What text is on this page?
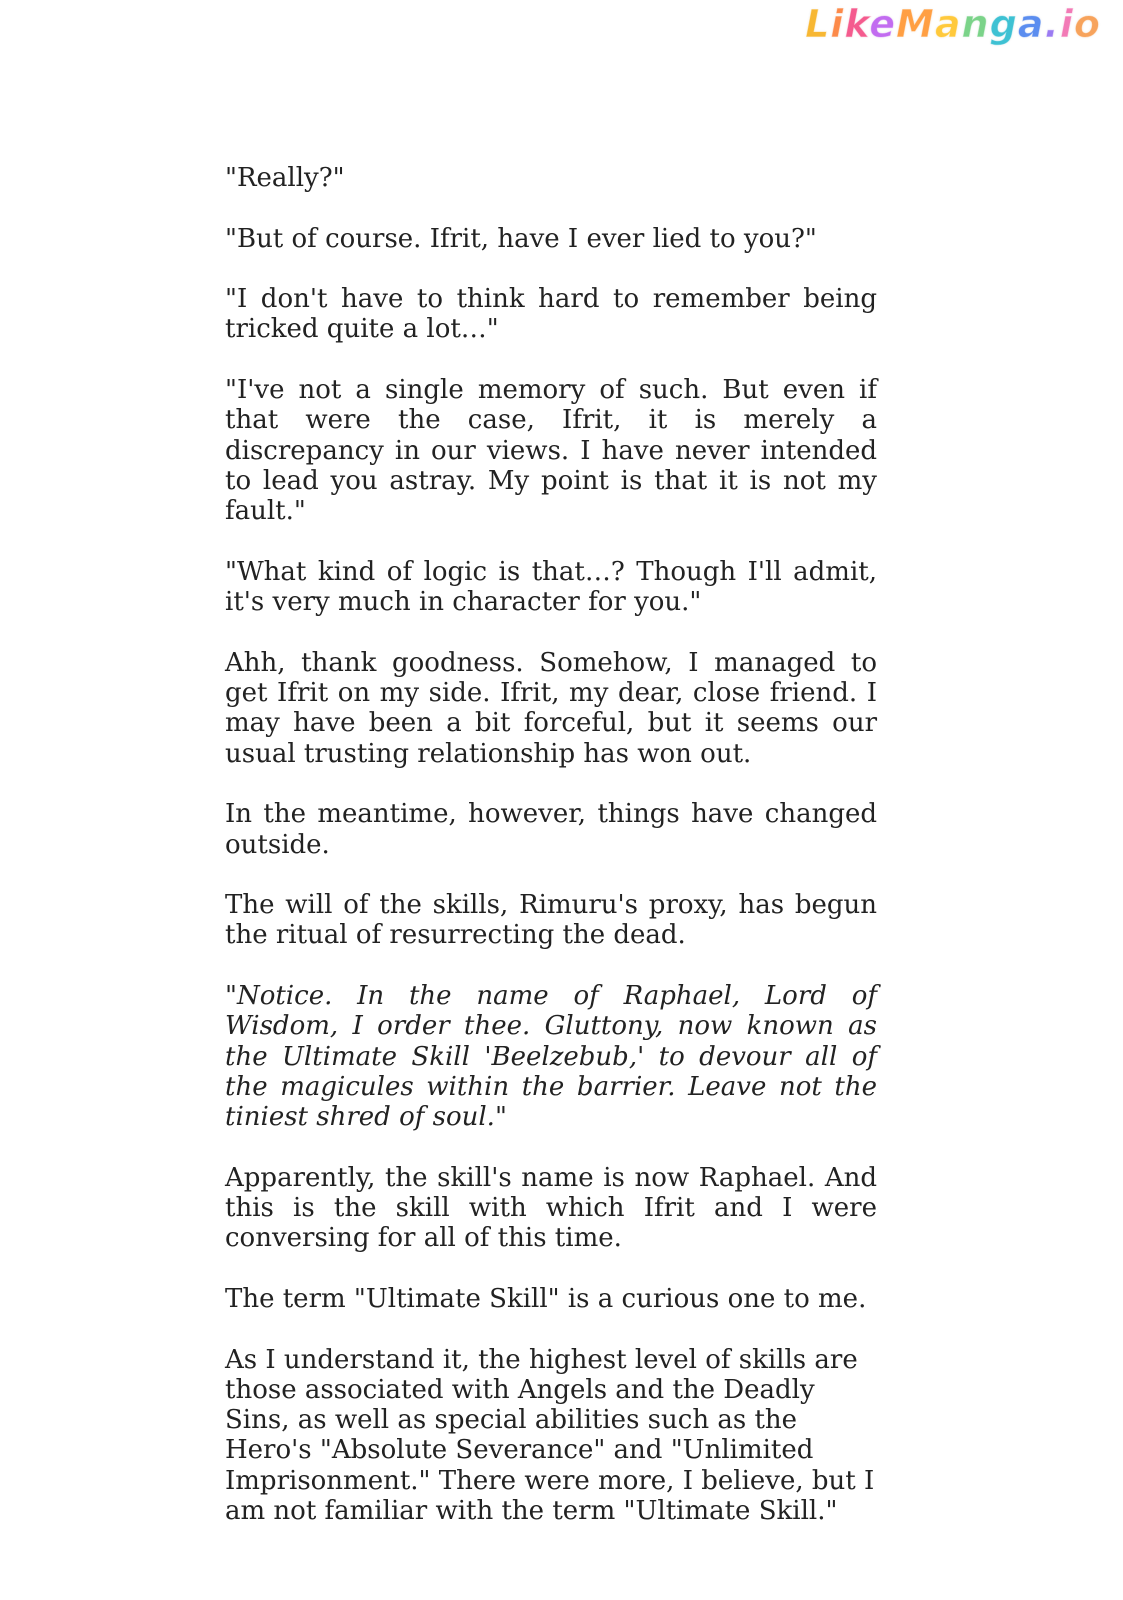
LikeManga.io

"Really?"

"But of course. Ifrit, have I ever lied to you?"

"I don't have to think hard to remember being tricked quite a lot…"

"I've not a single memory of such. But even if that were the case, Ifrit, it is merely a discrepancy in our views. I have never intended to lead you astray. My point is that it is not my fault."

"What kind of logic is that…? Though I'll admit, it's very much in character for you."

Ahh, thank goodness. Somehow, I managed to get Ifrit on my side. Ifrit, my dear, close friend. I may have been a bit forceful, but it seems our usual trusting relationship has won out.

In the meantime, however, things have changed outside.

The will of the skills, Rimuru's proxy, has begun the ritual of resurrecting the dead.

"Notice. In the name of Raphael, Lord of Wisdom, I order thee. Gluttony, now known as the Ultimate Skill 'Beelzebub,' to devour all of the magicules within the barrier. Leave not the tiniest shred of soul."

Apparently, the skill's name is now Raphael. And this is the skill with which Ifrit and I were conversing for all of this time.

The term "Ultimate Skill" is a curious one to me.

As I understand it, the highest level of skills are those associated with Angels and the Deadly Sins, as well as special abilities such as the Hero's "Absolute Severance" and "Unlimited Imprisonment." There were more, I believe, but I am not familiar with the term "Ultimate Skill."
